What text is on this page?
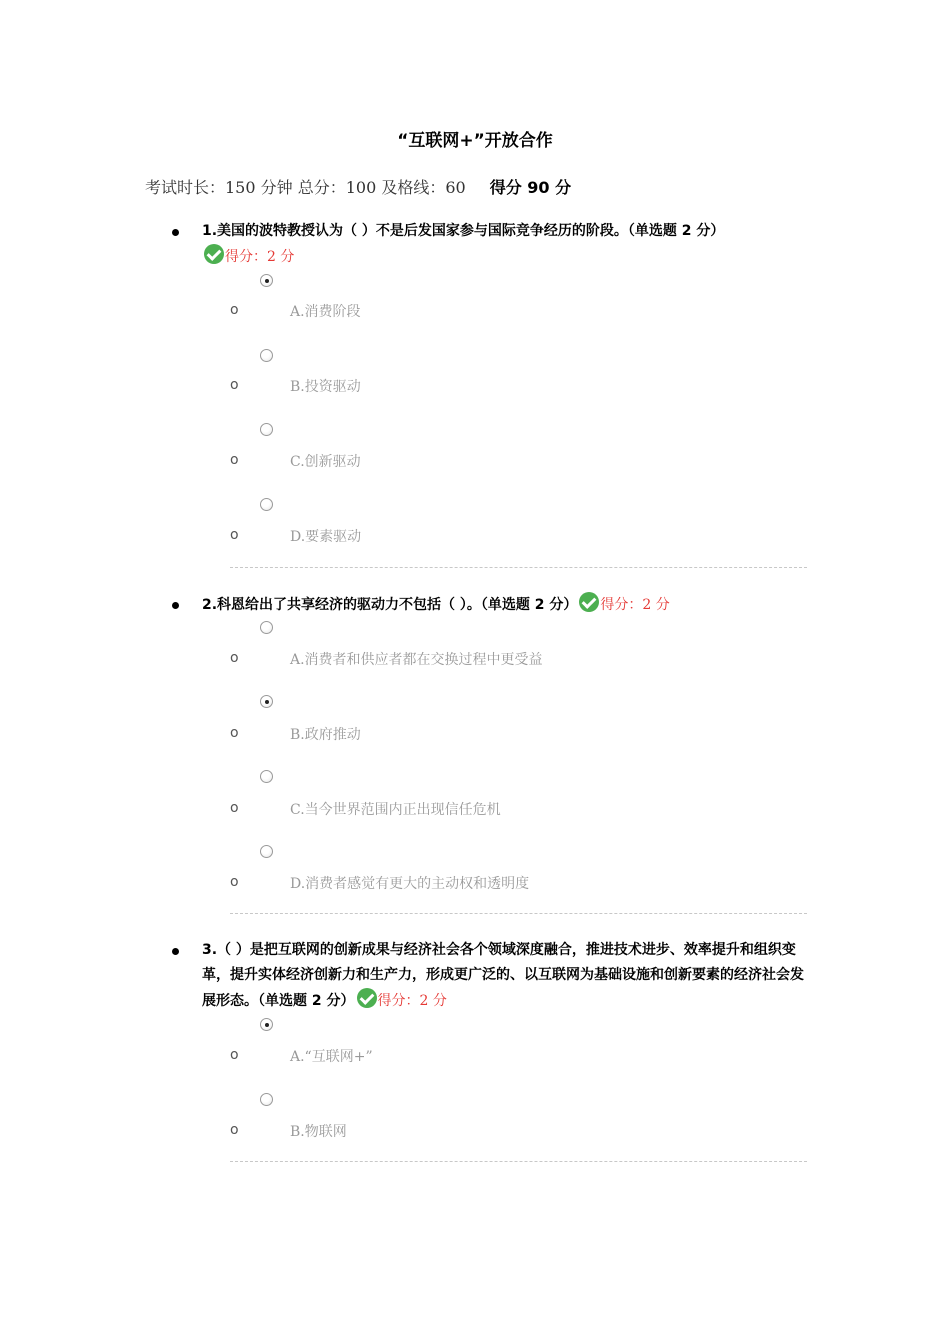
“互联网+”开放合作
考试时长：150 分钟 总分：100 及格线：60 得分 90 分
1.美国的波特教授认为（ ）不是后发国家参与国际竞争经历的阶段。（单选题 2 分）得分：2 分
o	A.消费阶段
o	B.投资驱动
o	C.创新驱动
o	D.要素驱动
2.科恩给出了共享经济的驱动力不包括（ ）。（单选题 2 分） 得分：2 分
o	A.消费者和供应者都在交换过程中更受益
o	B.政府推动
o	C.当今世界范围内正出现信任危机
o	D.消费者感觉有更大的主动权和透明度
3.（ ）是把互联网的创新成果与经济社会各个领域深度融合，推进技术进步、效率提升和组织变革，提升实体经济创新力和生产力，形成更广泛的、以互联网为基础设施和创新要素的经济社会发展形态。（单选题 2 分） 得分：2 分
o	A.“互联网+”
o	B.物联网
